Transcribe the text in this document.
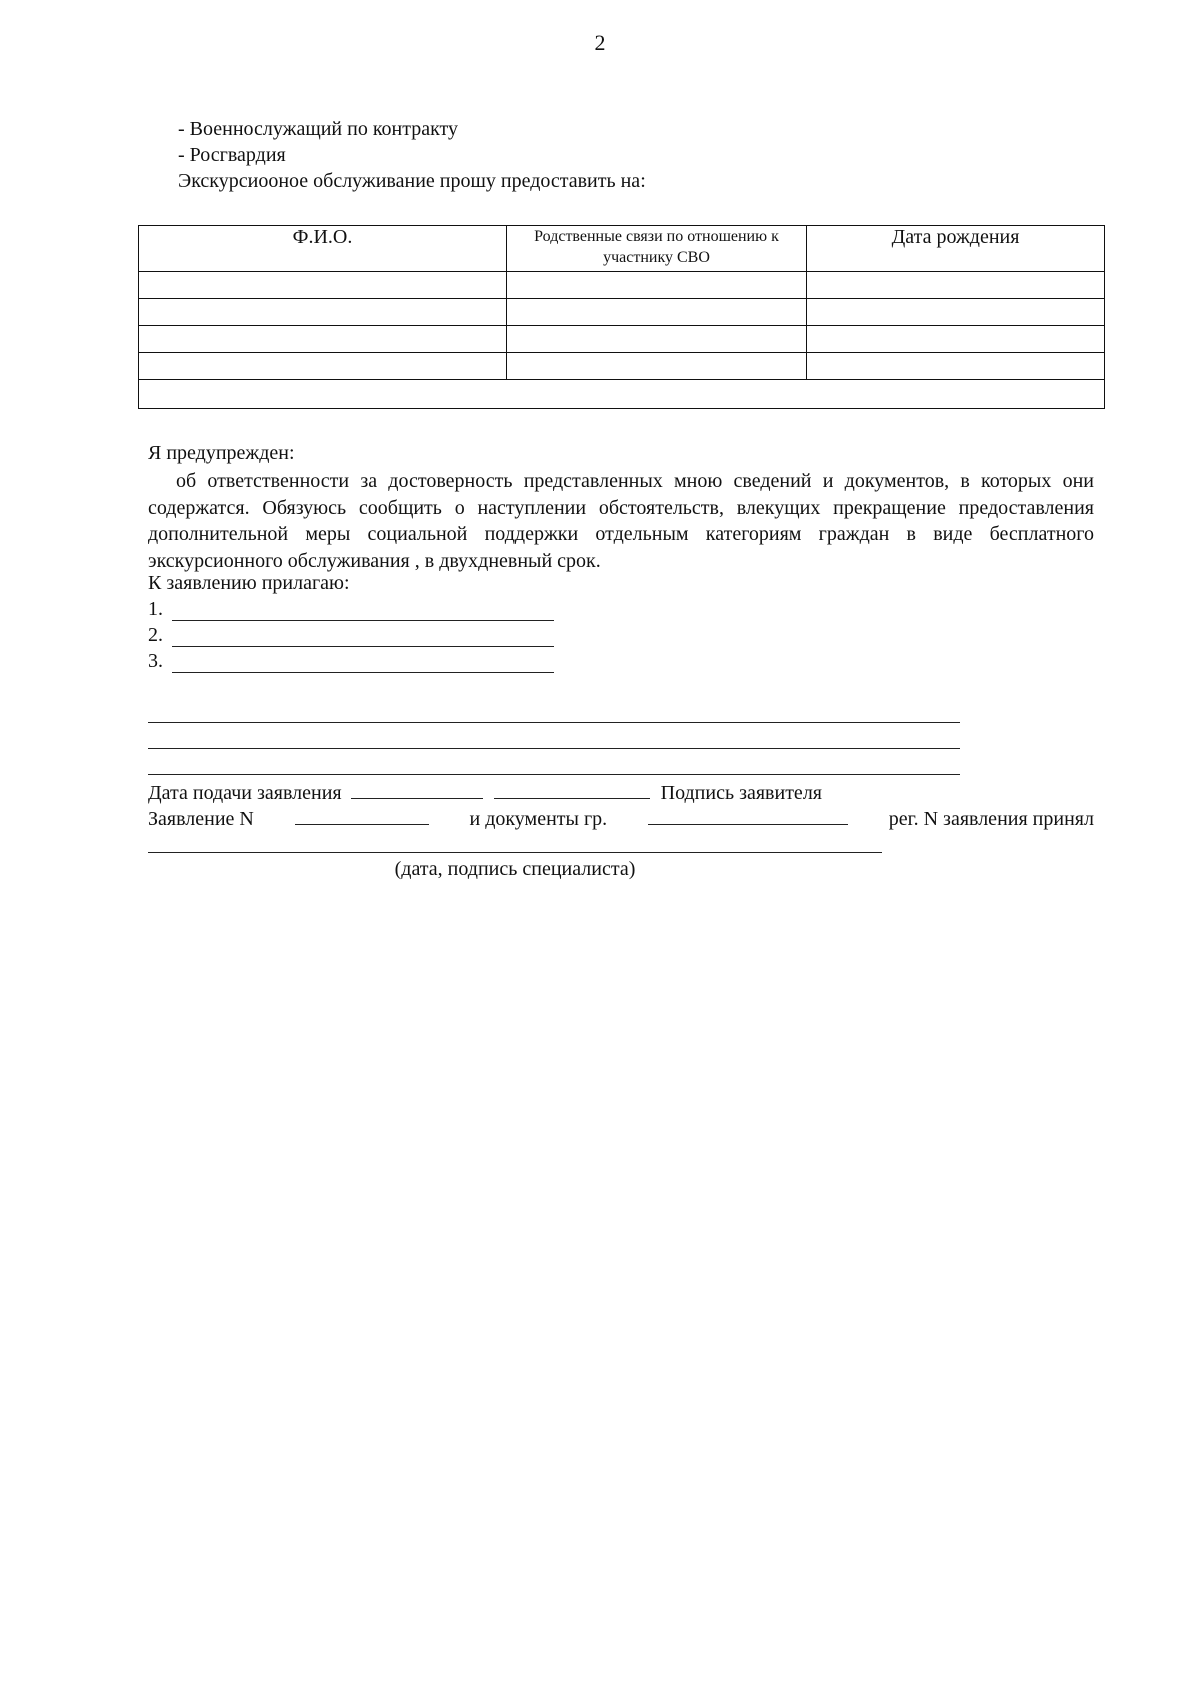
2
- Военнослужащий по контракту
- Росгвардия
Экскурсиооное обслуживание прошу предоставить на:
Ф.И.О.	Родственные связи по отношению к участнику СВО	Дата рождения

Я предупрежден:
об ответственности за достоверность представленных мною сведений и документов, в которых они содержатся. Обязуюсь сообщить о наступлении обстоятельств, влекущих прекращение предоставления дополнительной меры социальной поддержки отдельным категориям граждан в виде бесплатного экскурсионного обслуживания , в двухдневный срок.
К заявлению прилагаю:
1.
2.
3.
Дата подачи заявления	Подпись заявителя
Заявление N	и документы гр.	рег. N заявления принял
(дата, подпись специалиста)
